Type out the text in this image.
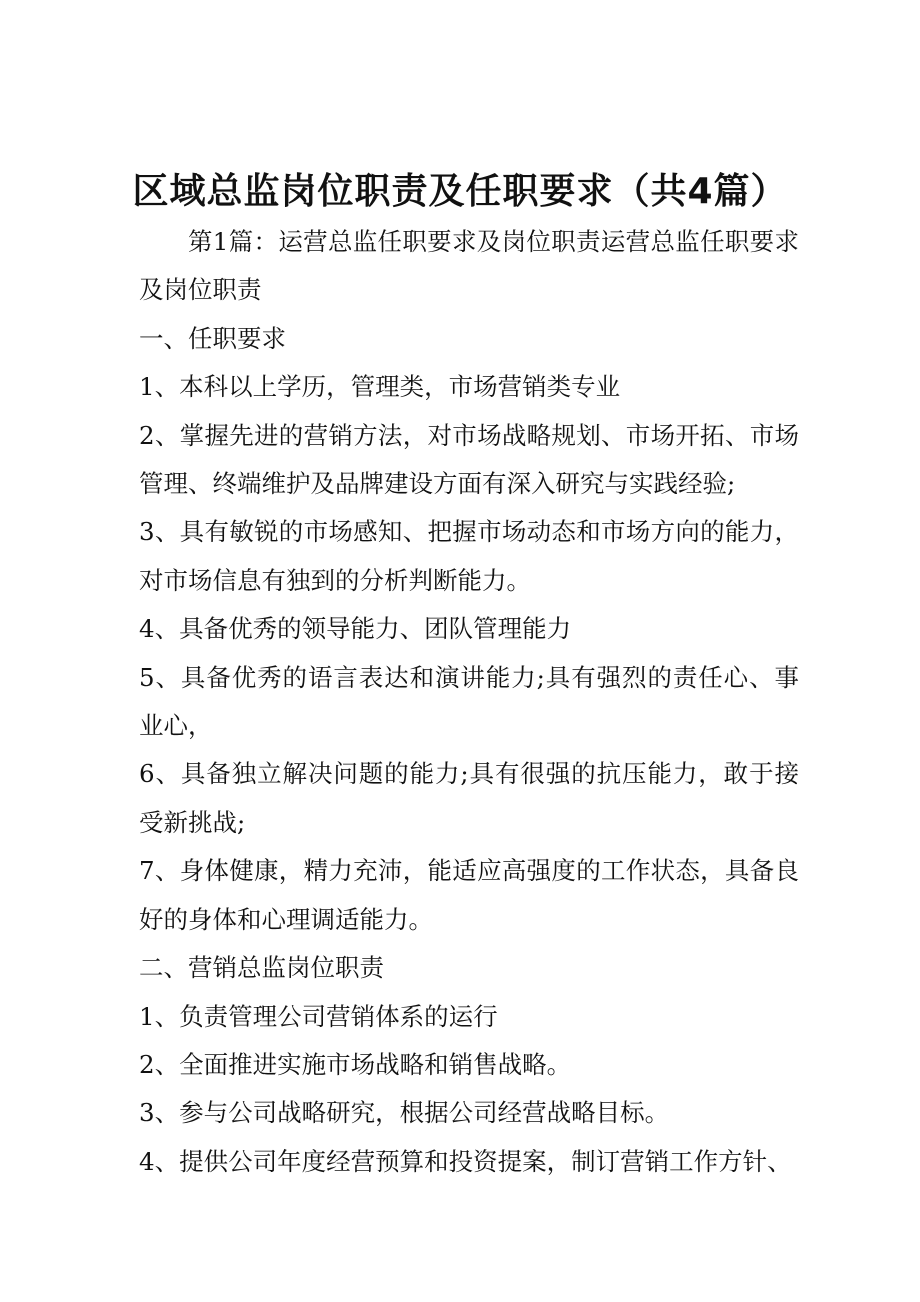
区域总监岗位职责及任职要求（共4篇）

第1篇：运营总监任职要求及岗位职责运营总监任职要求及岗位职责

一、任职要求

1、本科以上学历，管理类，市场营销类专业

2、掌握先进的营销方法，对市场战略规划、市场开拓、市场管理、终端维护及品牌建设方面有深入研究与实践经验;

3、具有敏锐的市场感知、把握市场动态和市场方向的能力，对市场信息有独到的分析判断能力。

4、具备优秀的领导能力、团队管理能力

5、具备优秀的语言表达和演讲能力;具有强烈的责任心、事业心，

6、具备独立解决问题的能力;具有很强的抗压能力，敢于接受新挑战;

7、身体健康，精力充沛，能适应高强度的工作状态，具备良好的身体和心理调适能力。

二、营销总监岗位职责

1、负责管理公司营销体系的运行

2、全面推进实施市场战略和销售战略。

3、参与公司战略研究，根据公司经营战略目标。

4、提供公司年度经营预算和投资提案，制订营销工作方针、
